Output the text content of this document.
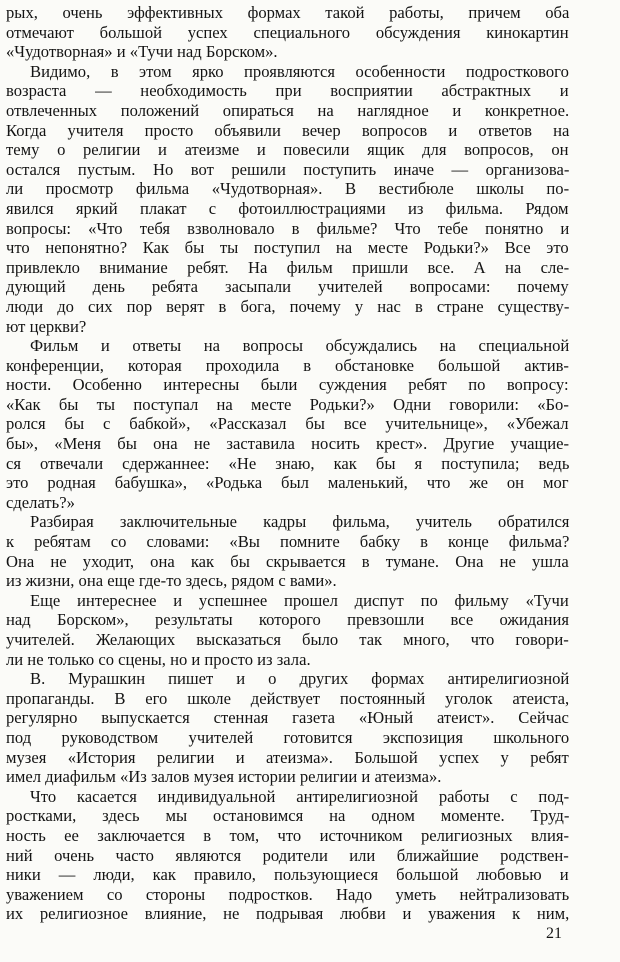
рых, очень эффективных формах такой работы, причем оба
отмечают большой успех специального обсуждения кинокартин
«Чудотворная» и «Тучи над Борском».
Видимо, в этом ярко проявляются особенности подросткового
возраста — необходимость при восприятии абстрактных и
отвлеченных положений опираться на наглядное и конкретное.
Когда учителя просто объявили вечер вопросов и ответов на
тему о религии и атеизме и повесили ящик для вопросов, он
остался пустым. Но вот решили поступить иначе — организова-
ли просмотр фильма «Чудотворная». В вестибюле школы по-
явился яркий плакат с фотоиллюстрациями из фильма. Рядом
вопросы: «Что тебя взволновало в фильме? Что тебе понятно и
что непонятно? Как бы ты поступил на месте Родьки?» Все это
привлекло внимание ребят. На фильм пришли все. А на сле-
дующий день ребята засыпали учителей вопросами: почему
люди до сих пор верят в бога, почему у нас в стране существу-
ют церкви?
Фильм и ответы на вопросы обсуждались на специальной
конференции, которая проходила в обстановке большой актив-
ности. Особенно интересны были суждения ребят по вопросу:
«Как бы ты поступал на месте Родьки?» Одни говорили: «Бо-
ролся бы с бабкой», «Рассказал бы все учительнице», «Убежал
бы», «Меня бы она не заставила носить крест». Другие учащие-
ся отвечали сдержаннее: «Не знаю, как бы я поступила; ведь
это родная бабушка», «Родька был маленький, что же он мог
сделать?»
Разбирая заключительные кадры фильма, учитель обратился
к ребятам со словами: «Вы помните бабку в конце фильма?
Она не уходит, она как бы скрывается в тумане. Она не ушла
из жизни, она еще где-то здесь, рядом с вами».
Еще интереснее и успешнее прошел диспут по фильму «Тучи
над Борском», результаты которого превзошли все ожидания
учителей. Желающих высказаться было так много, что говори-
ли не только со сцены, но и просто из зала.
В. Мурашкин пишет и о других формах антирелигиозной
пропаганды. В его школе действует постоянный уголок атеиста,
регулярно выпускается стенная газета «Юный атеист». Сейчас
под руководством учителей готовится экспозиция школьного
музея «История религии и атеизма». Большой успех у ребят
имел диафильм «Из залов музея истории религии и атеизма».
Что касается индивидуальной антирелигиозной работы с под-
ростками, здесь мы остановимся на одном моменте. Труд-
ность ее заключается в том, что источником религиозных влия-
ний очень часто являются родители или ближайшие родствен-
ники — люди, как правило, пользующиеся большой любовью и
уважением со стороны подростков. Надо уметь нейтрализовать
их религиозное влияние, не подрывая любви и уважения к ним,
21
